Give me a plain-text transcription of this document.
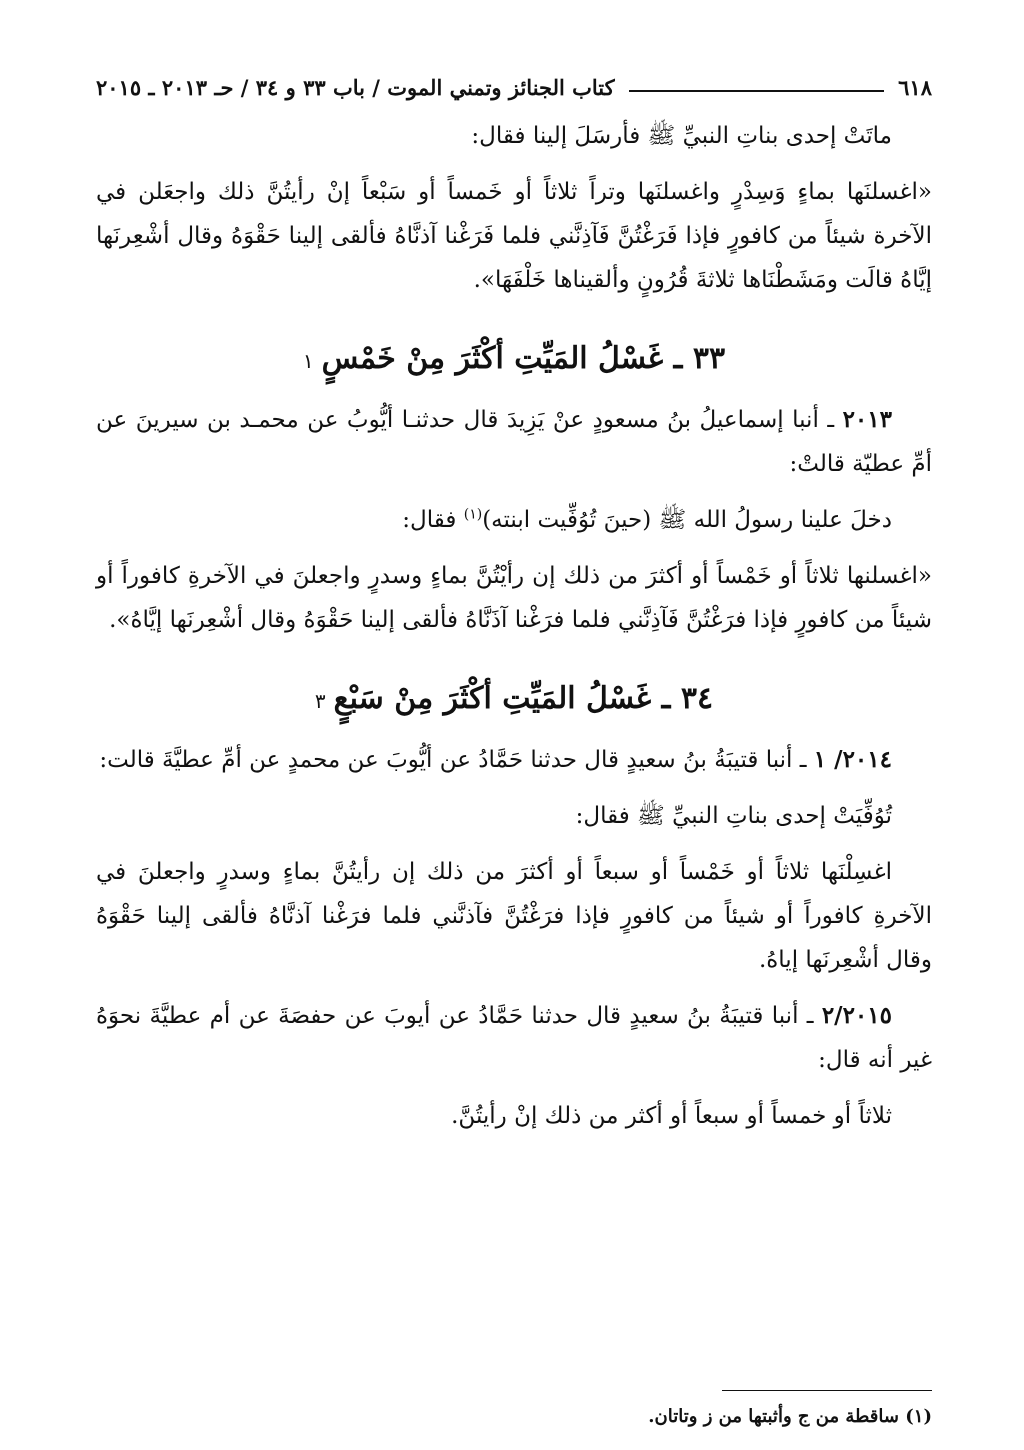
٦١٨
كتاب الجنائز وتمني الموت / باب ٣٣ و ٣٤ / حـ ٢٠١٣ ـ ٢٠١٥

ماتَتْ إحدى بناتِ النبيِّ ﷺ فأرسَلَ إلينا فقال:

«اغسلنَها بماءٍ وَسِدْرٍ واغسلنَها وتراً ثلاثاً أو خَمساً أو سَبْعاً إنْ رأيتُنَّ ذلك واجعَلن في الآخرة شيئاً من كافورٍ فإذا فَرَغْتُنَّ فَآذِنَّني فلما فَرَغْنا آذنَّاهُ فألقى إلينا حَقْوَهُ وقال أشْعِرنَها إيَّاهُ قالَت ومَشَطْنَاها ثلاثةَ قُرُونٍ وألقيناها خَلْفَهَا».

٣٣ ـ غَسْلُ المَيِّتِ أكْثَرَ مِنْ خَمْسٍ١

٢٠١٣ ـ أنبا إسماعيلُ بنُ مسعودٍ عنْ يَزِيدَ قال حدثنـا أيُّوبُ عن محمـد بن سيرينَ عن أمِّ عطيّة قالتْ:

دخلَ علينا رسولُ الله ﷺ (حينَ تُوُفِّيت ابنته)$^{(١)}$ فقال:

«اغسلنها ثلاثاً أو خَمْساً أو أكثرَ من ذلك إن رأيْتُنَّ بماءٍ وسدرٍ واجعلنَ في الآخرةِ كافوراً أو شيئاً من كافورٍ فإذا فرَغْتُنَّ فَآذِنَّني فلما فرَغْنا آذَنَّاهُ فألقى إلينا حَقْوَهُ وقال أشْعِرنَها إيَّاهُ».

٣٤ ـ غَسْلُ المَيِّتِ أكْثَرَ مِنْ سَبْعٍ٣

٢٠١٤/ ١ ـ أنبا قتيبَةُ بنُ سعيدٍ قال حدثنا حَمَّادُ عن أيُّوبَ عن محمدٍ عن أمِّ عطيَّةَ قالت:

تُوُفِّيَتْ إحدى بناتِ النبيِّ ﷺ فقال:

اغسِلْنَها ثلاثاً أو خَمْساً أو سبعاً أو أكثرَ من ذلك إن رأيتُنَّ بماءٍ وسدرٍ واجعلنَ في الآخرةِ كافوراً أو شيئاً من كافورٍ فإذا فرَغْتُنَّ فآذنَّني فلما فرَغْنا آذنَّاهُ فألقى إلينا حَقْوَهُ وقال أشْعِرنَها إياهُ.

٢/٢٠١٥ ـ أنبا قتيبَةُ بنُ سعيدٍ قال حدثنا حَمَّادُ عن أيوبَ عن حفصَةَ عن أم عطيَّةَ نحوَهُ غير أنه قال:

ثلاثاً أو خمساً أو سبعاً أو أكثر من ذلك إنْ رأيتُنَّ.

(١) ساقطة من ج وأثبتها من ز وتاتان.
